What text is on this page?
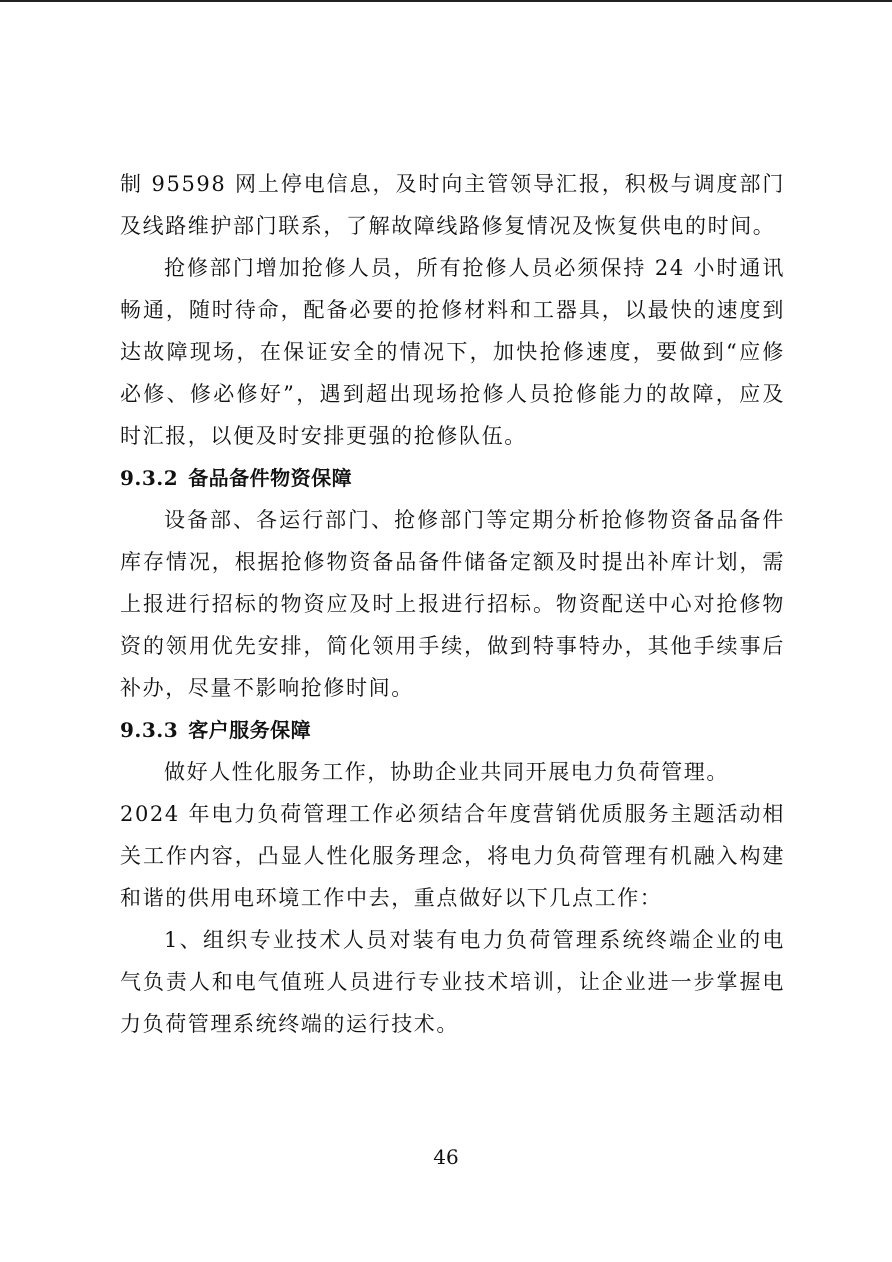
制 95598 网上停电信息，及时向主管领导汇报，积极与调度部门及线路维护部门联系，了解故障线路修复情况及恢复供电的时间。

抢修部门增加抢修人员，所有抢修人员必须保持 24 小时通讯畅通，随时待命，配备必要的抢修材料和工器具，以最快的速度到达故障现场，在保证安全的情况下，加快抢修速度，要做到“应修必修、修必修好”，遇到超出现场抢修人员抢修能力的故障，应及时汇报，以便及时安排更强的抢修队伍。

9.3.2 备品备件物资保障

设备部、各运行部门、抢修部门等定期分析抢修物资备品备件库存情况，根据抢修物资备品备件储备定额及时提出补库计划，需上报进行招标的物资应及时上报进行招标。物资配送中心对抢修物资的领用优先安排，简化领用手续，做到特事特办，其他手续事后补办，尽量不影响抢修时间。

9.3.3 客户服务保障

做好人性化服务工作，协助企业共同开展电力负荷管理。

2024 年电力负荷管理工作必须结合年度营销优质服务主题活动相关工作内容，凸显人性化服务理念，将电力负荷管理有机融入构建和谐的供用电环境工作中去，重点做好以下几点工作：

1、组织专业技术人员对装有电力负荷管理系统终端企业的电气负责人和电气值班人员进行专业技术培训，让企业进一步掌握电力负荷管理系统终端的运行技术。

46
